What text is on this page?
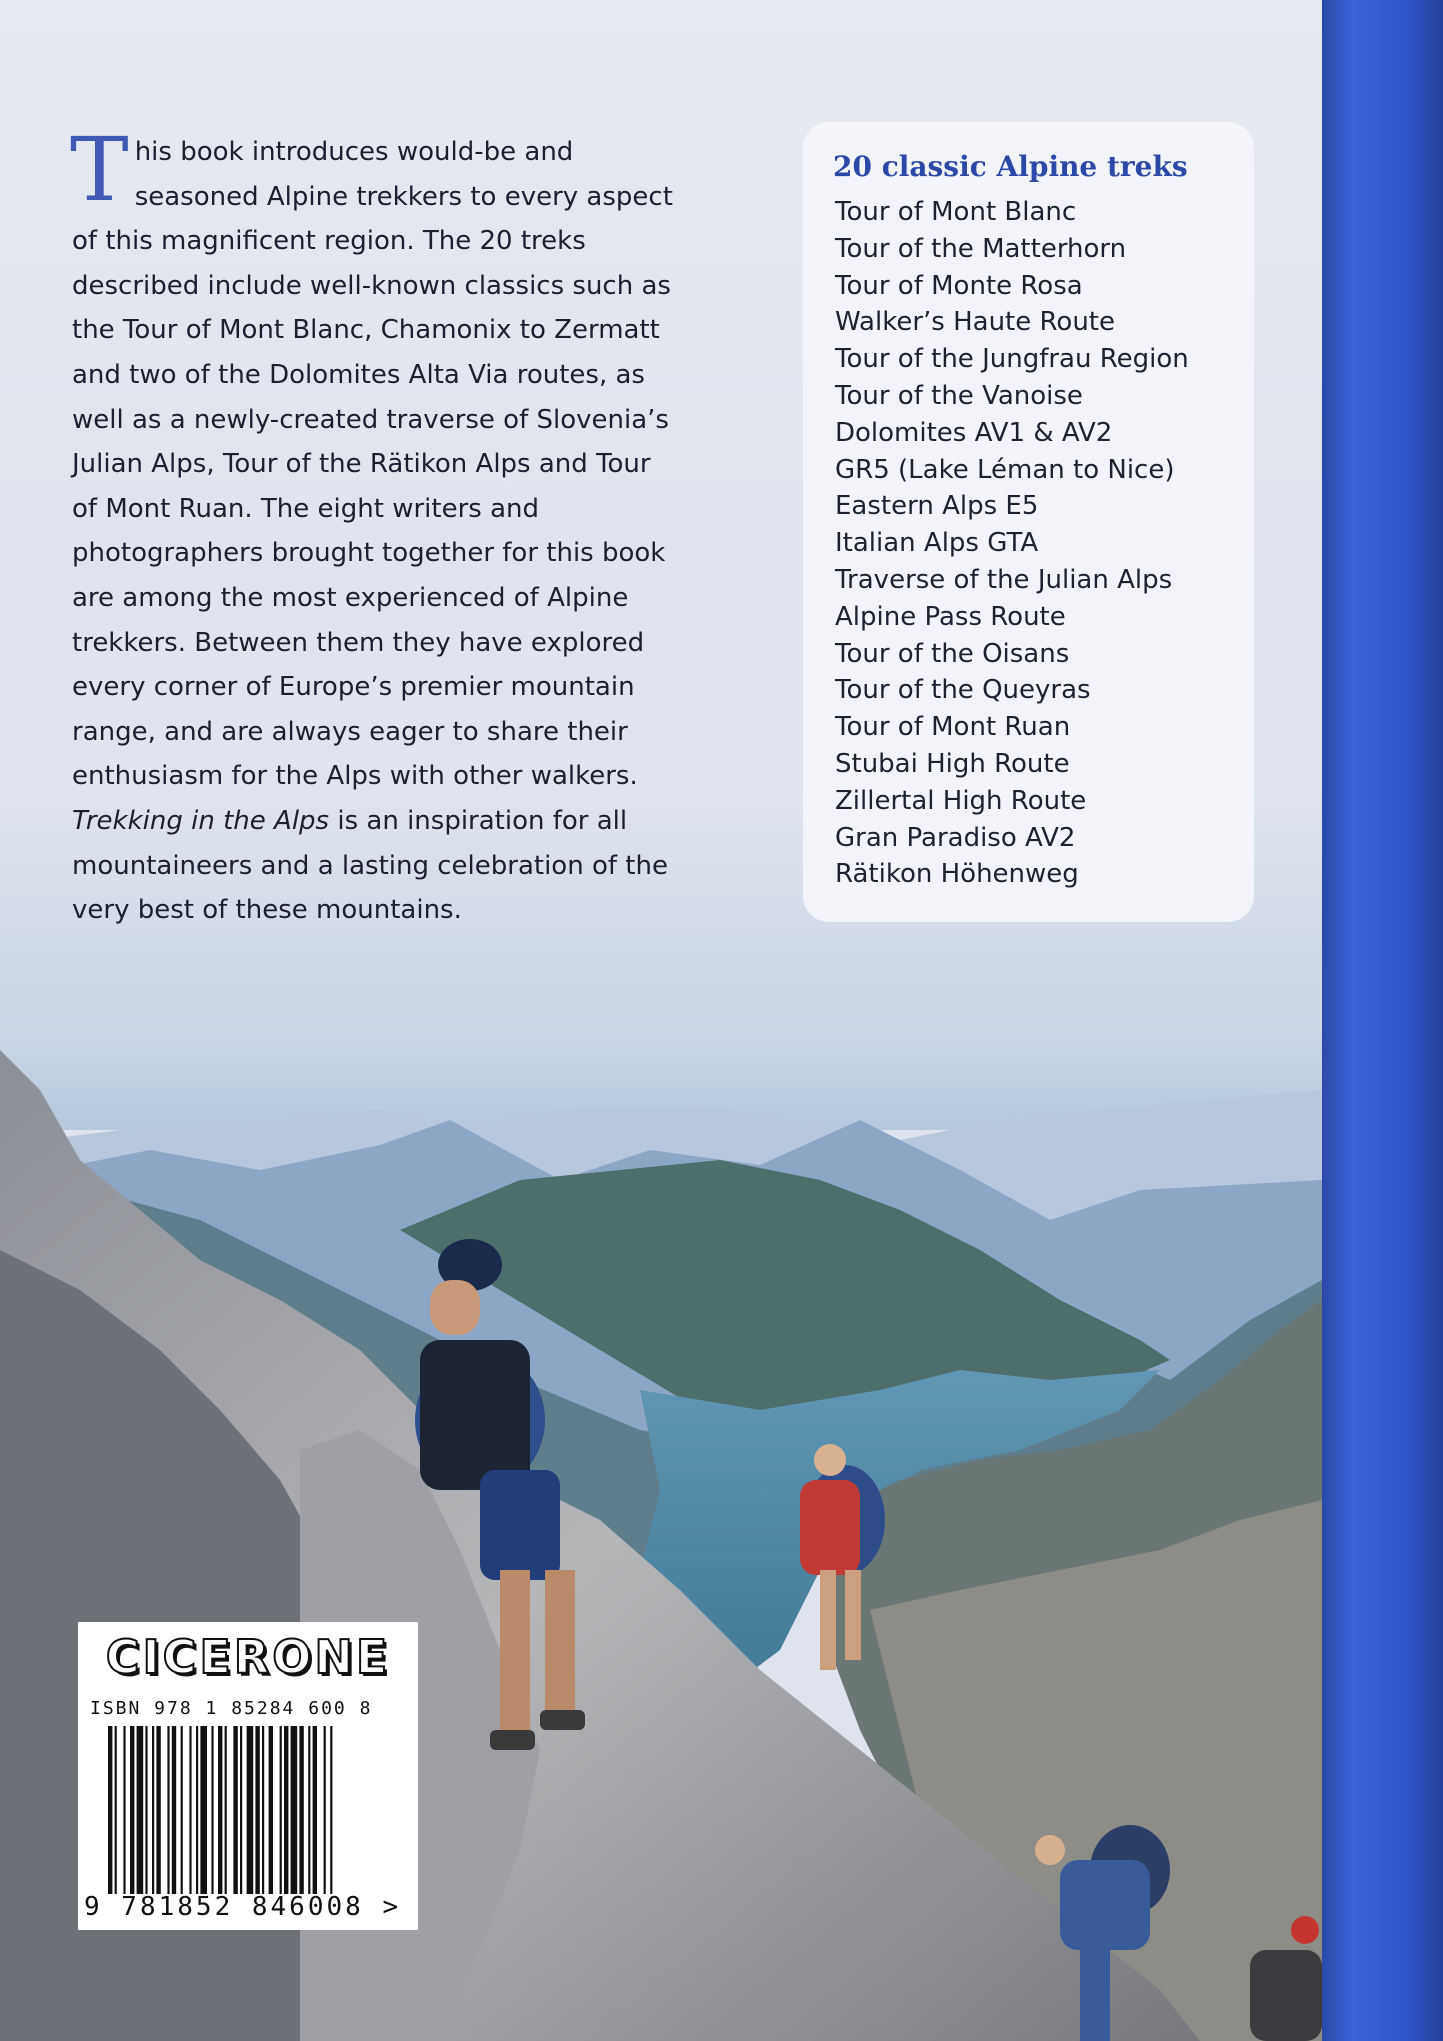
This book introduces would-be and seasoned Alpine trekkers to every aspect of this magnificent region. The 20 treks described include well-known classics such as the Tour of Mont Blanc, Chamonix to Zermatt and two of the Dolomites Alta Via routes, as well as a newly-created traverse of Slovenia’s Julian Alps, Tour of the Rätikon Alps and Tour of Mont Ruan. The eight writers and photographers brought together for this book are among the most experienced of Alpine trekkers. Between them they have explored every corner of Europe’s premier mountain range, and are always eager to share their enthusiasm for the Alps with other walkers. Trekking in the Alps is an inspiration for all mountaineers and a lasting celebration of the very best of these mountains.

20 classic Alpine treks
Tour of Mont Blanc
Tour of the Matterhorn
Tour of Monte Rosa
Walker’s Haute Route
Tour of the Jungfrau Region
Tour of the Vanoise
Dolomites AV1 & AV2
GR5 (Lake Léman to Nice)
Eastern Alps E5
Italian Alps GTA
Traverse of the Julian Alps
Alpine Pass Route
Tour of the Oisans
Tour of the Queyras
Tour of Mont Ruan
Stubai High Route
Zillertal High Route
Gran Paradiso AV2
Rätikon Höhenweg
CICERONE
ISBN 978 1 85284 600 8
9 781852 846008 >
